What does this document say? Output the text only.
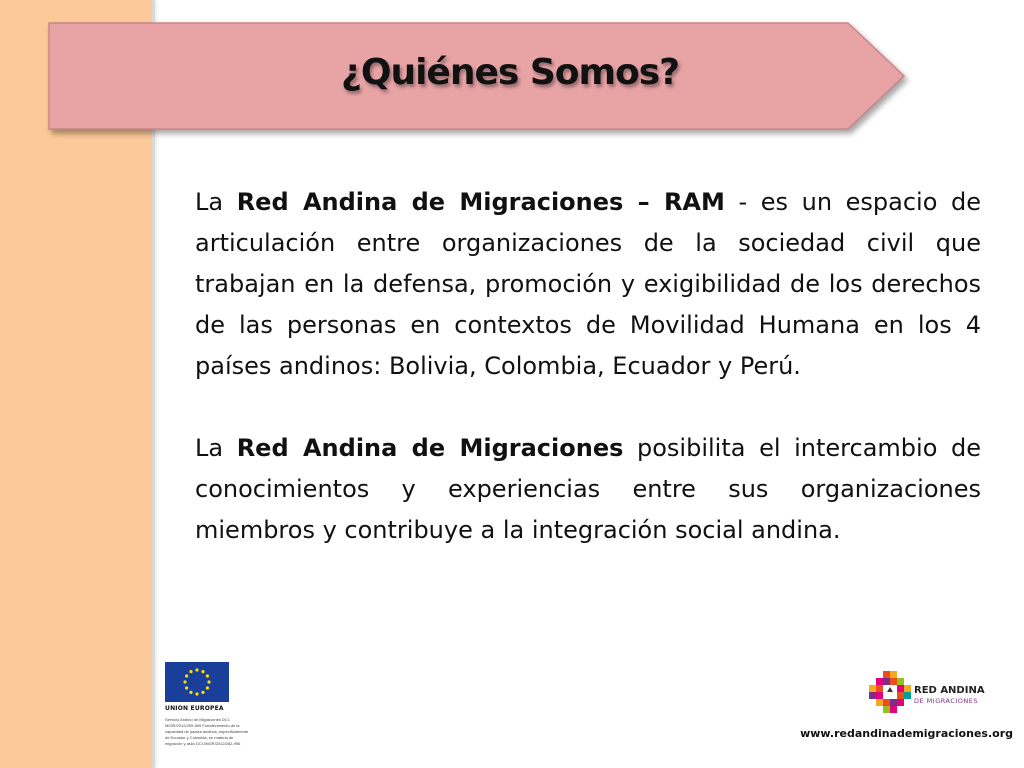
¿Quiénes Somos?

La Red Andina de Migraciones – RAM - es un espacio de articulación entre organizaciones de la sociedad civil que trabajan en la defensa, promoción y exigibilidad de los derechos de las personas en contextos de Movilidad Humana en los 4 países andinos: Bolivia, Colombia, Ecuador y Perú.

La Red Andina de Migraciones posibilita el intercambio de conocimientos y experiencias entre sus organizaciones miembros y contribuye a la integración social andina.

UNION EUROPEA
Servicio Andino de Migraciones DCI-MIGR/2012/259-599 Fortalecimiento de la capacidad de países andinos, específicamente de Ecuador y Colombia, en materia de migración y asilo DCI-MIGR/2012/282-996
RED ANDINA
DE MIGRACIONES
www.redandinademigraciones.org
